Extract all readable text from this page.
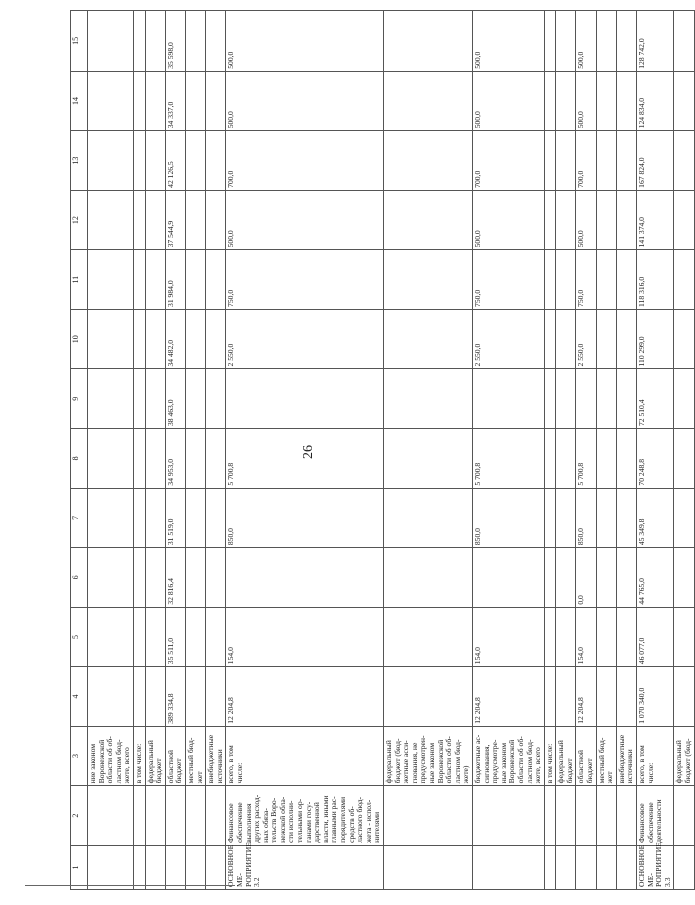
26
1	2	3	4	5	6	7	8	9	10	11	12	13	14	15
		ние законом Воронежской области об об-ластном бюд-жете, всего												
		в том числе:												
		федеральный бюджет												
		областной бюджет	389 334,8	35 511,0	32 816,4	31 519,0	34 953,0	38 463,0	34 482,0	31 984,0	37 544,9	42 126,5	34 337,0	35 598,0
		местный бюд-жет												
		внебюджетные источники												
ОСНОВНОЕ МЕ-РОПРИЯТИЕ 3.2	Финансовое обеспечение выполнения других расход-ных обяза-тельств Воро-нежской обла-сти исполни-тельными ор-ганами госу-дарственной власти, иными главными рас-порядителями средств об-ластного бюд-жета - испол-нителями	всего, в том числе:	12 204,8	154,0		850,0	5 700,8		2 550,0	750,0	500,0	700,0	500,0	500,0
		федеральный бюджет (бюд-жетные асси-гнования, не предусмотрен-ные законом Воронежской области об об-ластном бюд-жете)												
		бюджетные ас-сигнования, предусмотре-ные законом Воронежской области об об-ластном бюд-жете, всего	12 204,8	154,0		850,0	5 700,8		2 550,0	750,0	500,0	700,0	500,0	500,0
		в том числе:												
		федеральный бюджет												
		областной бюджет	12 204,8	154,0	0,0	850,0	5 700,8		2 550,0	750,0	500,0	700,0	500,0	500,0
		местный бюд-жет												
		внебюджетные источники												
ОСНОВНОЕ МЕ-РОПРИЯТИЕ 3.3	Финансовое обеспечение деятельности	всего, в том числе:	1 070 340,0	46 077,0	44 765,0	45 349,8	70 248,8	72 510,4	110 299,0	118 316,0	141 374,0	167 824,0	124 834,0	128 742,0
		федеральный бюджет (бюд-												
